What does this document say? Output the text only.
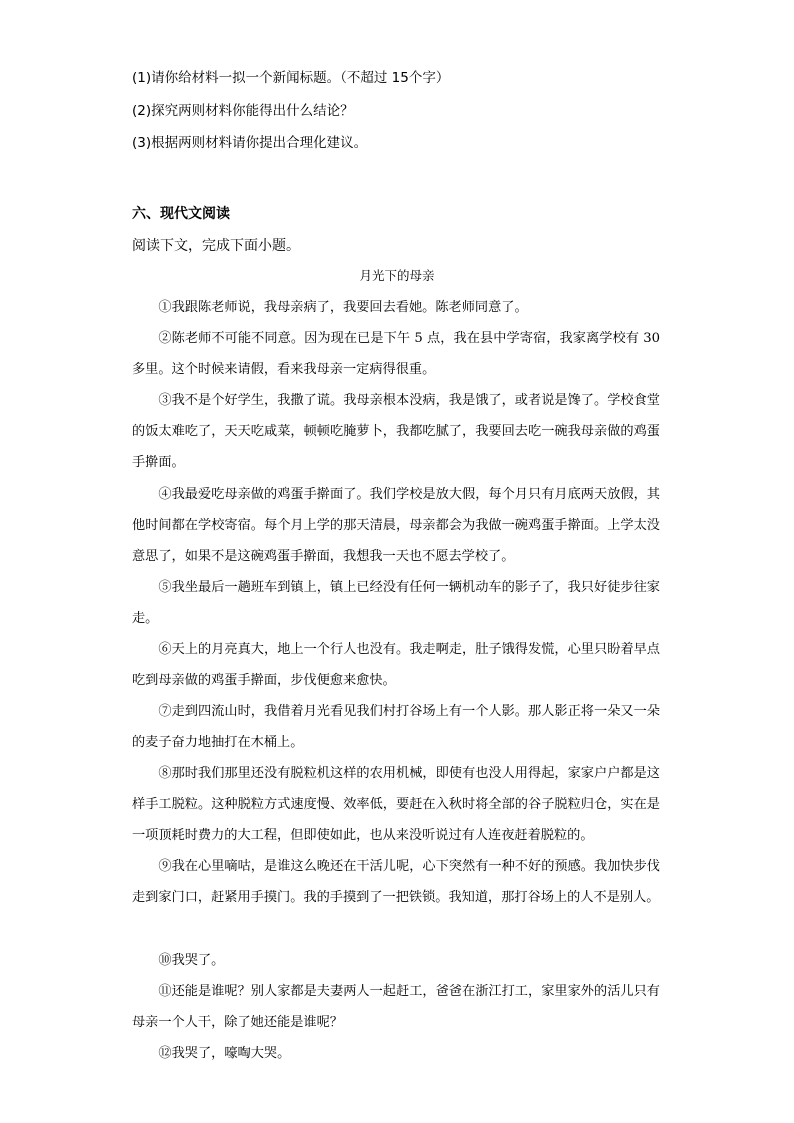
(1)请你给材料一拟一个新闻标题。（不超过 15个字）
(2)探究两则材料你能得出什么结论？
(3)根据两则材料请你提出合理化建议。
六、现代文阅读
阅读下文，完成下面小题。
月光下的母亲
①我跟陈老师说，我母亲病了，我要回去看她。陈老师同意了。
②陈老师不可能不同意。因为现在已是下午 5 点，我在县中学寄宿，我家离学校有 30 多里。这个时候来请假，看来我母亲一定病得很重。
③我不是个好学生，我撒了谎。我母亲根本没病，我是饿了，或者说是馋了。学校食堂的饭太难吃了，天天吃咸菜，顿顿吃腌萝卜，我都吃腻了，我要回去吃一碗我母亲做的鸡蛋手擀面。
④我最爱吃母亲做的鸡蛋手擀面了。我们学校是放大假，每个月只有月底两天放假，其他时间都在学校寄宿。每个月上学的那天清晨，母亲都会为我做一碗鸡蛋手擀面。上学太没意思了，如果不是这碗鸡蛋手擀面，我想我一天也不愿去学校了。
⑤我坐最后一趟班车到镇上，镇上已经没有任何一辆机动车的影子了，我只好徒步往家走。
⑥天上的月亮真大，地上一个行人也没有。我走啊走，肚子饿得发慌，心里只盼着早点吃到母亲做的鸡蛋手擀面，步伐便愈来愈快。
⑦走到四流山时，我借着月光看见我们村打谷场上有一个人影。那人影正将一朵又一朵的麦子奋力地抽打在木桶上。
⑧那时我们那里还没有脱粒机这样的农用机械，即使有也没人用得起，家家户户都是这样手工脱粒。这种脱粒方式速度慢、效率低，要赶在入秋时将全部的谷子脱粒归仓，实在是一项顶耗时费力的大工程，但即使如此，也从来没听说过有人连夜赶着脱粒的。
⑨我在心里嘀咕，是谁这么晚还在干活儿呢，心下突然有一种不好的预感。我加快步伐走到家门口，赶紧用手摸门。我的手摸到了一把铁锁。我知道，那打谷场上的人不是别人。
⑩我哭了。
⑪还能是谁呢？别人家都是夫妻两人一起赶工，爸爸在浙江打工，家里家外的活儿只有母亲一个人干，除了她还能是谁呢？
⑫我哭了，嚎啕大哭。
